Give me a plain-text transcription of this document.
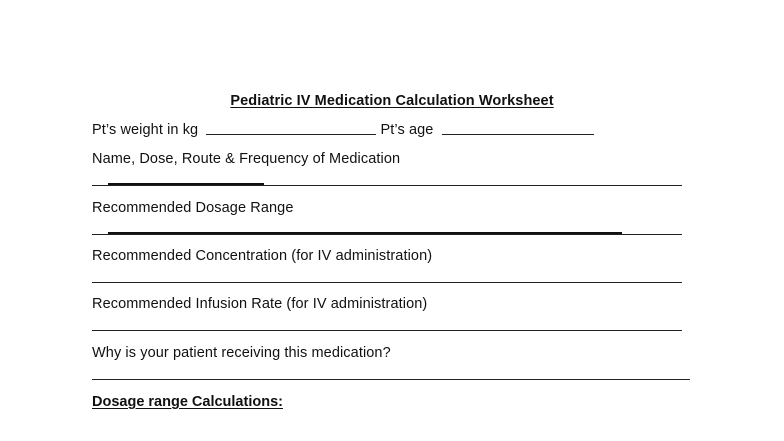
Pediatric IV Medication Calculation Worksheet
Pt’s weight in kg	Pt’s age
Name, Dose, Route & Frequency of Medication
Recommended Dosage Range
Recommended Concentration (for IV administration)
Recommended Infusion Rate (for IV administration)
Why is your patient receiving this medication?
Dosage range Calculations:
